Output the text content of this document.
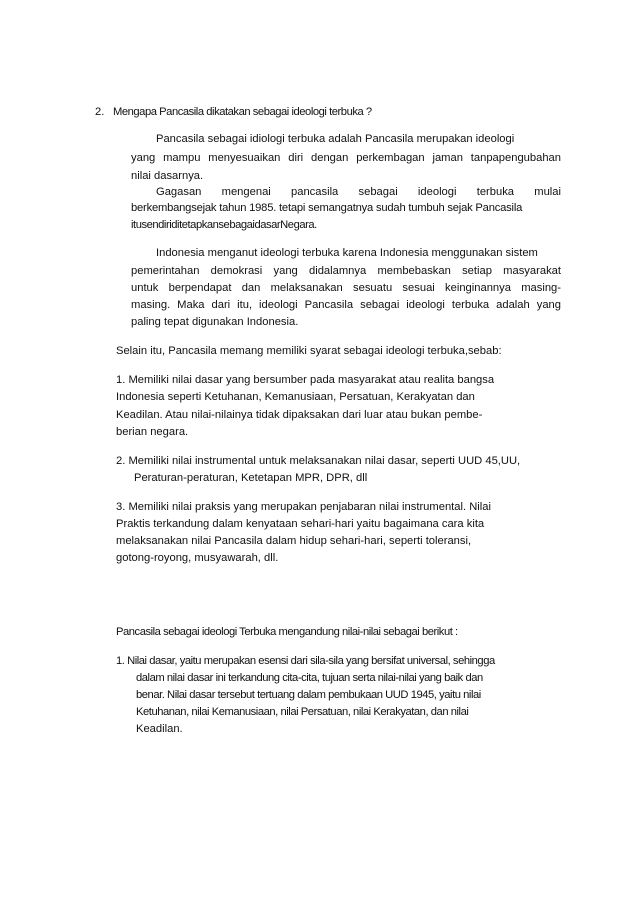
2. Mengapa Pancasila dikatakan sebagai ideologi terbuka ?
Pancasila sebagai idiologi terbuka adalah Pancasila merupakan ideologi
yang mampu menyesuaikan diri dengan perkembagan jaman tanpapengubahan
nilai dasarnya.
Gagasan mengenai pancasila sebagai ideologi terbuka mulai
berkembangsejak tahun 1985. tetapi semangatnya sudah tumbuh sejak Pancasila
itusendiriditetapkansebagaidasarNegara.
Indonesia menganut ideologi terbuka karena Indonesia menggunakan sistem
pemerintahan demokrasi yang didalamnya membebaskan setiap masyarakat
untuk berpendapat dan melaksanakan sesuatu sesuai keinginannya masing-
masing. Maka dari itu, ideologi Pancasila sebagai ideologi terbuka adalah yang
paling tepat digunakan Indonesia.
Selain itu, Pancasila memang memiliki syarat sebagai ideologi terbuka,sebab:
1. Memiliki nilai dasar yang bersumber pada masyarakat atau realita bangsa
Indonesia seperti Ketuhanan, Kemanusiaan, Persatuan, Kerakyatan dan
Keadilan. Atau nilai-nilainya tidak dipaksakan dari luar atau bukan pembe-
berian negara.
2. Memiliki nilai instrumental untuk melaksanakan nilai dasar, seperti UUD 45,UU,
Peraturan-peraturan, Ketetapan MPR, DPR, dll
3. Memiliki nilai praksis yang merupakan penjabaran nilai instrumental. Nilai
Praktis terkandung dalam kenyataan sehari-hari yaitu bagaimana cara kita
melaksanakan nilai Pancasila dalam hidup sehari-hari, seperti toleransi,
gotong-royong, musyawarah, dll.
Pancasila sebagai ideologi Terbuka mengandung nilai-nilai sebagai berikut :
1. Nilai dasar, yaitu merupakan esensi dari sila-sila yang bersifat universal, sehingga
dalam nilai dasar ini terkandung cita-cita, tujuan serta nilai-nilai yang baik dan
benar. Nilai dasar tersebut tertuang dalam pembukaan UUD 1945, yaitu nilai
Ketuhanan, nilai Kemanusiaan, nilai Persatuan, nilai Kerakyatan, dan nilai
Keadilan.
